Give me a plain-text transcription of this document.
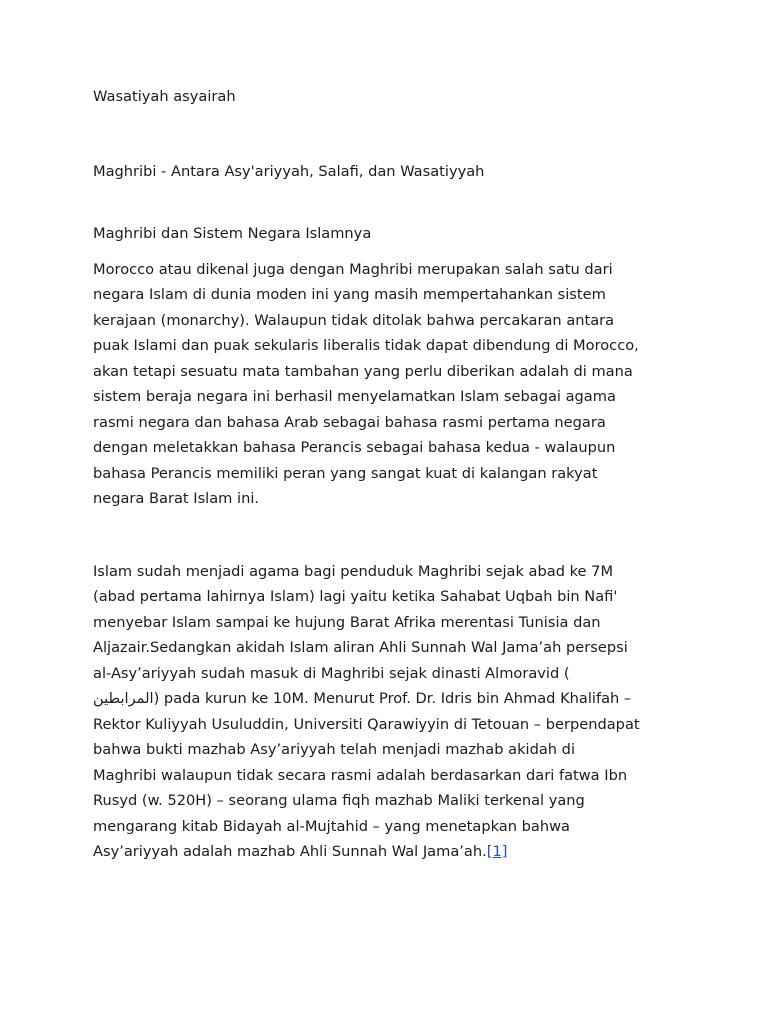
Wasatiyah asyairah

Maghribi - Antara Asy'ariyyah, Salafi, dan Wasatiyyah

Maghribi dan Sistem Negara Islamnya

Morocco atau dikenal juga dengan Maghribi merupakan salah satu dari
negara Islam di dunia moden ini yang masih mempertahankan sistem
kerajaan (monarchy). Walaupun tidak ditolak bahwa percakaran antara
puak Islami dan puak sekularis liberalis tidak dapat dibendung di Morocco,
akan tetapi sesuatu mata tambahan yang perlu diberikan adalah di mana
sistem beraja negara ini berhasil menyelamatkan Islam sebagai agama
rasmi negara dan bahasa Arab sebagai bahasa rasmi pertama negara
dengan meletakkan bahasa Perancis sebagai bahasa kedua - walaupun
bahasa Perancis memiliki peran yang sangat kuat di kalangan rakyat
negara Barat Islam ini.
Islam sudah menjadi agama bagi penduduk Maghribi sejak abad ke 7M
(abad pertama lahirnya Islam) lagi yaitu ketika Sahabat Uqbah bin Nafi'
menyebar Islam sampai ke hujung Barat Afrika merentasi Tunisia dan
Aljazair.Sedangkan akidah Islam aliran Ahli Sunnah Wal Jama’ah persepsi
al-Asy’ariyyah sudah masuk di Maghribi sejak dinasti Almoravid (
المرابطين) pada kurun ke 10M. Menurut Prof. Dr. Idris bin Ahmad Khalifah –
Rektor Kuliyyah Usuluddin, Universiti Qarawiyyin di Tetouan – berpendapat
bahwa bukti mazhab Asy’ariyyah telah menjadi mazhab akidah di
Maghribi walaupun tidak secara rasmi adalah berdasarkan dari fatwa Ibn
Rusyd (w. 520H) – seorang ulama fiqh mazhab Maliki terkenal yang
mengarang kitab Bidayah al-Mujtahid – yang menetapkan bahwa
Asy’ariyyah adalah mazhab Ahli Sunnah Wal Jama’ah.[1]
